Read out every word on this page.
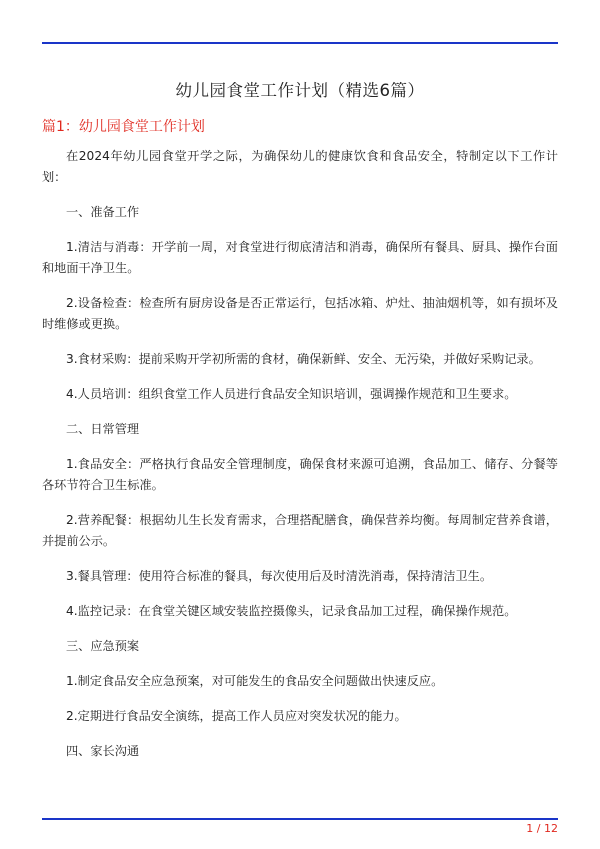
幼儿园食堂工作计划（精选6篇）
篇1：幼儿园食堂工作计划

在2024年幼儿园食堂开学之际，为确保幼儿的健康饮食和食品安全，特制定以下工作计划：

一、准备工作

1.清洁与消毒：开学前一周，对食堂进行彻底清洁和消毒，确保所有餐具、厨具、操作台面和地面干净卫生。

2.设备检查：检查所有厨房设备是否正常运行，包括冰箱、炉灶、抽油烟机等，如有损坏及时维修或更换。

3.食材采购：提前采购开学初所需的食材，确保新鲜、安全、无污染，并做好采购记录。

4.人员培训：组织食堂工作人员进行食品安全知识培训，强调操作规范和卫生要求。

二、日常管理

1.食品安全：严格执行食品安全管理制度，确保食材来源可追溯，食品加工、储存、分餐等各环节符合卫生标准。

2.营养配餐：根据幼儿生长发育需求，合理搭配膳食，确保营养均衡。每周制定营养食谱，并提前公示。

3.餐具管理：使用符合标准的餐具，每次使用后及时清洗消毒，保持清洁卫生。

4.监控记录：在食堂关键区域安装监控摄像头，记录食品加工过程，确保操作规范。

三、应急预案

1.制定食品安全应急预案，对可能发生的食品安全问题做出快速反应。

2.定期进行食品安全演练，提高工作人员应对突发状况的能力。

四、家长沟通

1 / 12
